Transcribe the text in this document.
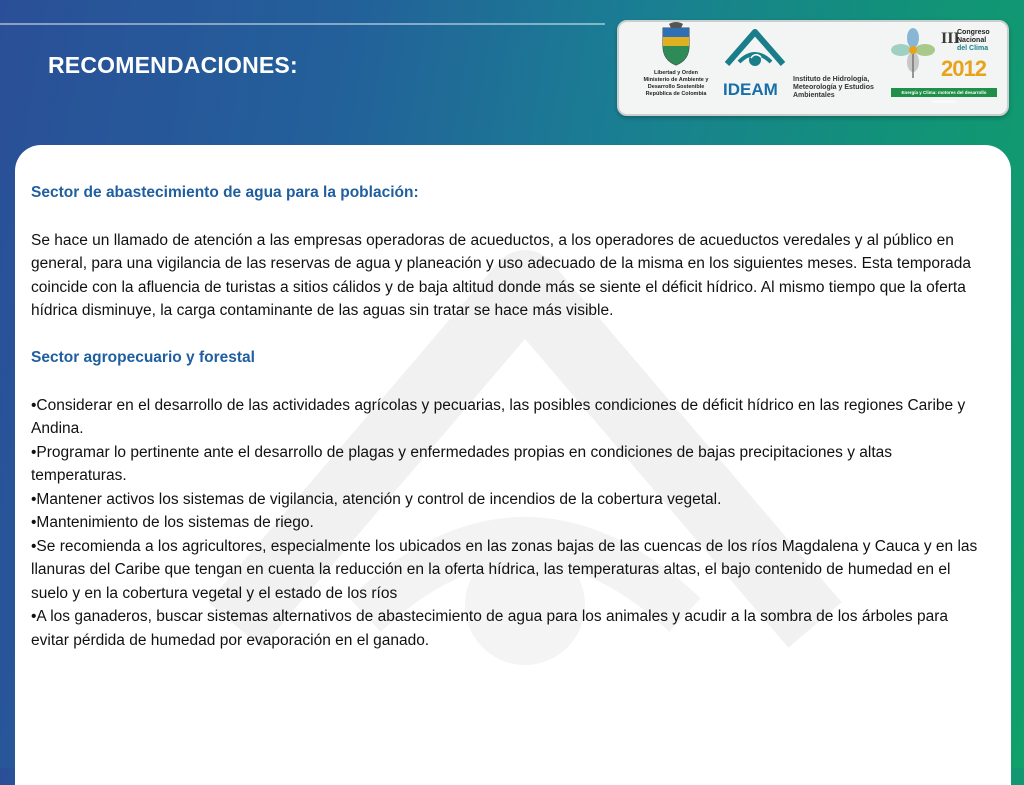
RECOMENDACIONES:	Libertad y Orden
Ministerio de Ambiente y
Desarrollo Sostenible
República de Colombia IDEAM
Instituto de Hidrología, Meteorología y Estudios Ambientales
III
Congreso
Nacional
del Clima
2012
Energía y Clima: motores del desarrollo económico

Sector de abastecimiento de agua para la población:

Se hace un llamado de atención a las empresas operadoras de acueductos, a los operadores de acueductos veredales y al público en general, para una vigilancia de las reservas de agua y planeación y uso adecuado de la misma en los siguientes meses. Esta temporada coincide con la afluencia de turistas a sitios cálidos y de baja altitud donde más se siente el déficit hídrico. Al mismo tiempo que la oferta hídrica disminuye, la carga contaminante de las aguas sin tratar se hace más visible.

Sector agropecuario y forestal

•Considerar en el desarrollo de las actividades agrícolas y pecuarias, las posibles condiciones de déficit hídrico en las regiones Caribe y Andina.

•Programar lo pertinente ante el desarrollo de plagas y enfermedades propias en condiciones de bajas precipitaciones y altas temperaturas.

•Mantener activos los sistemas de vigilancia, atención y control de incendios de la cobertura vegetal.

•Mantenimiento de los sistemas de riego.

•Se recomienda a los agricultores, especialmente los ubicados en las zonas bajas de las cuencas de los ríos Magdalena y Cauca y en las llanuras del Caribe que tengan en cuenta la reducción en la oferta hídrica, las temperaturas altas, el bajo contenido de humedad en el suelo y en la cobertura vegetal y el estado de los ríos

•A los ganaderos, buscar sistemas alternativos de abastecimiento de agua para los animales y acudir a la sombra de los árboles para evitar pérdida de humedad por evaporación en el ganado.
